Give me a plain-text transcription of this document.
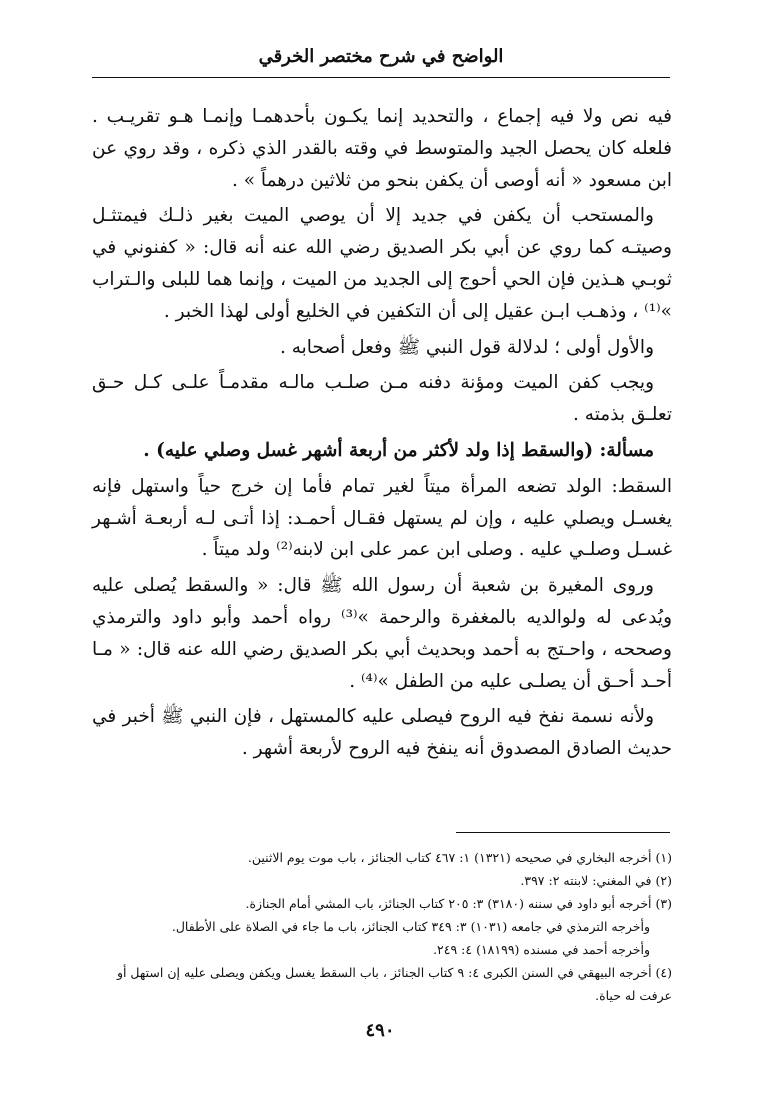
الواضح في شرح مختصر الخرقي

فيه نص ولا فيه إجماع ، والتحديد إنما يكـون بأحدهمـا وإنمـا هـو تقريـب . فلعله كان يحصل الجيد والمتوسط في وقته بالقدر الذي ذكره ، وقد روي عن ابن مسعود « أنه أوصى أن يكفن بنحو من ثلاثين درهماً » .

والمستحب أن يكفن في جديد إلا أن يوصي الميت بغير ذلـك فيمتثـل وصيتـه كما روي عن أبي بكر الصديق رضي الله عنه أنه قال: « كفنوني في ثوبـي هـذين فإن الحي أحوج إلى الجديد من الميت ، وإنما هما للبلى والـتراب »⁽¹⁾ ، وذهـب ابـن عقيل إلى أن التكفين في الخليع أولى لهذا الخبر .

والأول أولى ؛ لدلالة قول النبي ﷺ وفعل أصحابه .

ويجب كفن الميت ومؤنة دفنه مـن صلـب مالـه مقدمـاً علـى كـل حـق تعلـق بذمته .

مسألة: (والسقط إذا ولد لأكثر من أربعة أشهر غسل وصلي عليه) .

السقط: الولد تضعه المرأة ميتاً لغير تمام فأما إن خرج حياً واستهل فإنه يغسـل ويصلي عليه ، وإن لم يستهل فقـال أحمـد: إذا أتـى لـه أربعـة أشـهر غسـل وصلـي عليه . وصلى ابن عمر على ابن لابنه⁽²⁾ ولد ميتاً .

وروى المغيرة بن شعبة أن رسول الله ﷺ قال: « والسقط يُصلى عليه ويُدعى له ولوالديه بالمغفرة والرحمة »⁽³⁾ رواه أحمد وأبو داود والترمذي وصححه ، واحـتج به أحمد وبحديث أبي بكر الصديق رضي الله عنه قال: « مـا أحـد أحـق أن يصلـى عليه من الطفل »⁽⁴⁾ .

ولأنه نسمة نفخ فيه الروح فيصلى عليه كالمستهل ، فإن النبي ﷺ أخبر في حديث الصادق المصدوق أنه ينفخ فيه الروح لأربعة أشهر .

(١) أخرجه البخاري في صحيحه (١٣٢١) ١: ٤٦٧ كتاب الجنائز ، باب موت يوم الاثنين.

(٢) في المغني: لابنته ٢: ٣٩٧.

(٣) أخرجه أبو داود في سننه (٣١٨٠) ٣: ٢٠٥ كتاب الجنائز، باب المشي أمام الجنازة.

وأخرجه الترمذي في جامعه (١٠٣١) ٣: ٣٤٩ كتاب الجنائز، باب ما جاء في الصلاة على الأطفال.

وأخرجه أحمد في مسنده (١٨١٩٩) ٤: ٢٤٩.

(٤) أخرجه البيهقي في السنن الكبرى ٤: ٩ كتاب الجنائز ، باب السقط يغسل ويكفن ويصلى عليه إن استهل أو عرفت له حياة.

٤٩٠
